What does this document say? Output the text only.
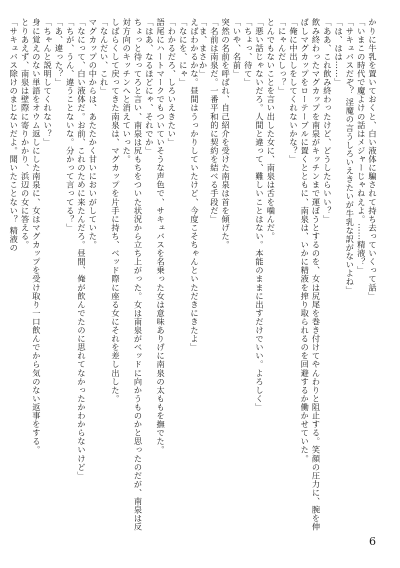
かりに牛乳を置いておくと、白い液体に騙されて持ち去っていくって話」
「いまこの時代で魔よけの話はメジャーじゃねえよ。……精液？」
「サキュバスだぞ？ 淫魔の言うしろいえきたいが牛乳な訳がないよね」
「は、はは……」
「ああ、これ飲み終わったけど、どうしたらいい？」
飲み終わったマグカップを南泉がキッチンまで運ぼうとするのを、女は尻尾を巻き付けてやんわりと阻止する。笑顔の圧力に、腕を伸ばしマグカップをローテーブルに置くとともに、南泉は、いかに精液を搾り取られるのを回避するか働かせていた。
「俺に中出しをしてくれないかな？」
「にゃんだしっ？」
とんでもないことを言い出した女に、南泉は舌を噛んだ。
「悪い話じゃないだろ。人間と違って、難しいことはない。本能のままに出すだけでいい。よろしく」
「ちょっ、待て」
「いや、名前」
突然の名前を呼ばれ、自己紹介を受けた南泉は首を傾げた。
「名前は南泉だ。一番平和的に契約を結べる手段だ」
「ま、まさか」
えばわかるかな。昼間はうっかりしていたけど、今度こそちゃんといただきにきたよ」
「なにを、にゃ」
「わかるだろ、しろいえきたい」
語尾にハートマークでもついていそうな声色で、サキュバスを名乗った女は意味ありげに南泉の太ももを撫でた。
「はあ、なるほどにゃ、それでか」
ちょっと待ってろと言い、南泉は尻もちをついた状況から立ち上がった。女は南泉がベッドに向かうものかと思ったのだが、南泉は反対方向のキッチンへと消えていった。
しばらくして戻ってきた南泉は、マグカップを片手に持ち、ベッド際に座る女にそれを差し出した。
「なんだい、これ」
マグカップの中からは、あたたかく甘いにおいがしていた。
「なにって、白い液体だ。お前、これのために来たんだろ。昼間、俺が飲んでたのに思れてなかったかわからないけど」
「ちが、うん、違うことないな。分かって言ってる？」
「あ、違った？」
「ちゃんと説明してくれない？」
身に覚えのない単語をオウム返しにした南泉に、女はマグカップを受け取り一口飲んでから気のない返事をする。
とりあえず、南泉は壁際に寄りかかり、浜辺の女に答える。
「サキュバス除けのまじないだよ。聞いたことない？ 精液の
6
